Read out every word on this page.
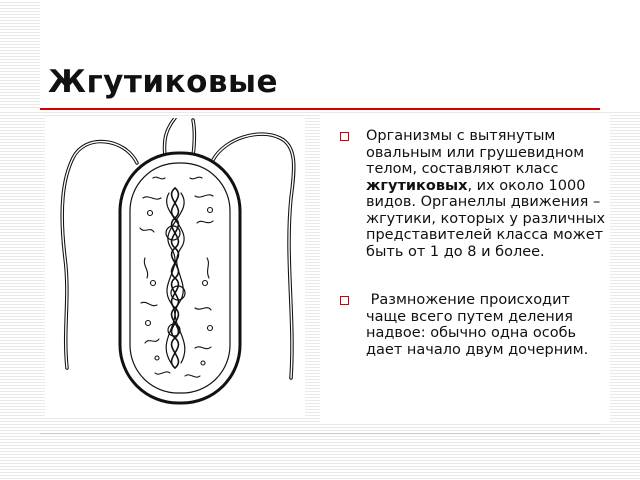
Жгутиковые
Организмы с вытянутым овальным или грушевидном телом, составляют класс жгутиковых, их около 1000 видов. Органеллы движения – жгутики, которых у различных представителей класса может быть от 1 до 8 и более.
Размножение происходит чаще всего путем деления надвое: обычно одна особь дает начало двум дочерним.
